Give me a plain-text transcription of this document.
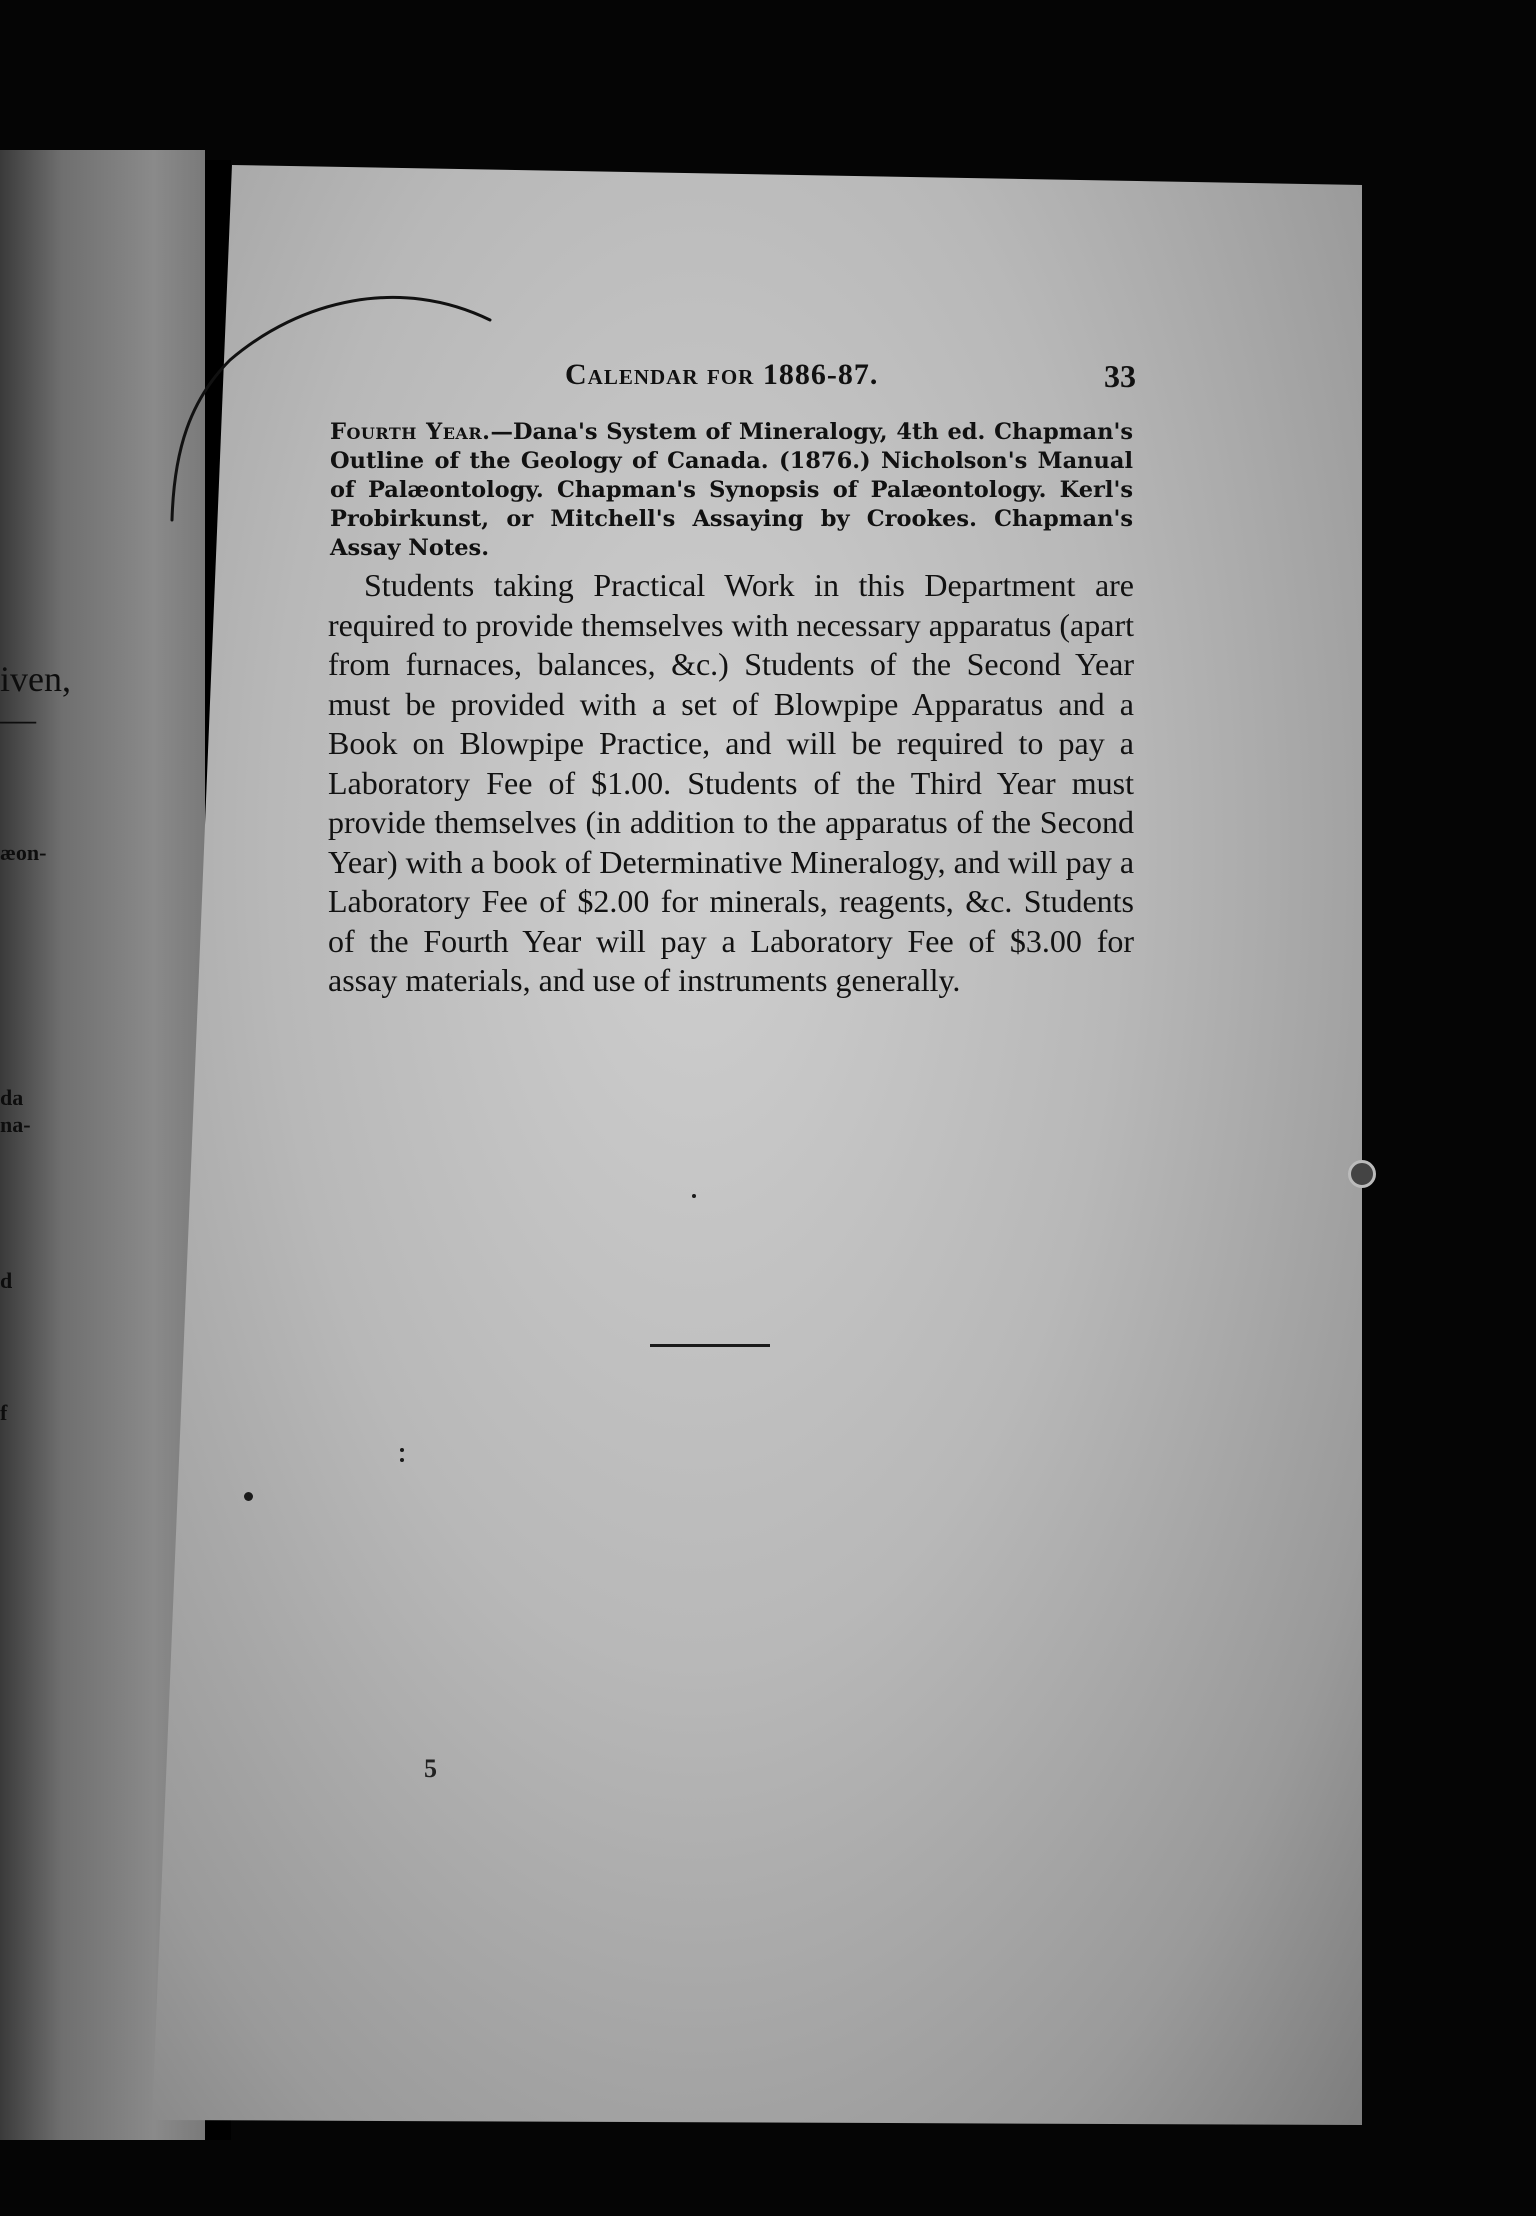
iven,
—
æon-
da
na-
d
f
Calendar for 1886-87.	33
Fourth Year.—Dana's System of Mineralogy, 4th ed. Chapman's Outline of the Geology of Canada. (1876.) Nicholson's Manual of Palæontology. Chapman's Synopsis of Palæontology. Kerl's Probirkunst, or Mitchell's Assaying by Crookes. Chapman's Assay Notes.
Students taking Practical Work in this Department are required to provide themselves with necessary apparatus (apart from furnaces, balances, &c.) Students of the Second Year must be provided with a set of Blowpipe Apparatus and a Book on Blowpipe Practice, and will be required to pay a Laboratory Fee of $1.00. Students of the Third Year must provide themselves (in addition to the apparatus of the Second Year) with a book of Determinative Mineralogy, and will pay a Laboratory Fee of $2.00 for minerals, reagents, &c. Students of the Fourth Year will pay a Laboratory Fee of $3.00 for assay materials, and use of instruments generally.
5
